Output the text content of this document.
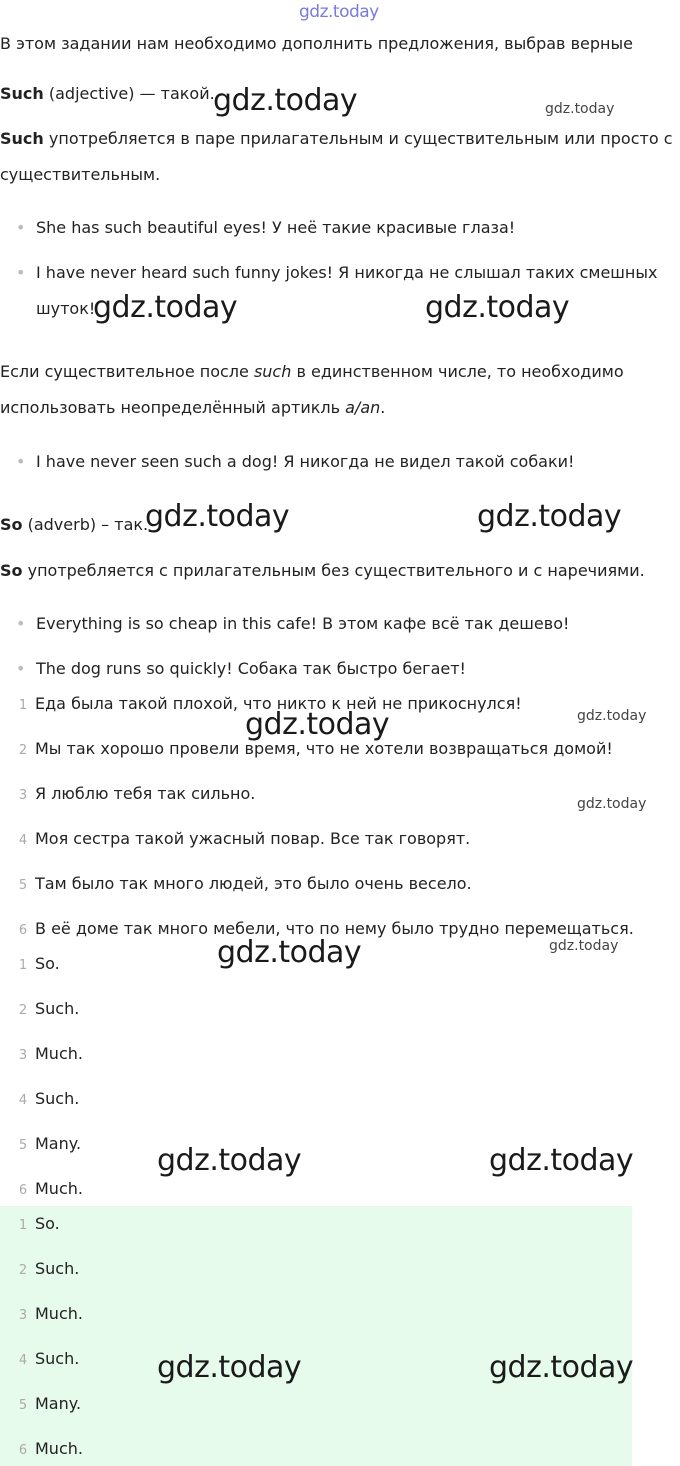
gdz.today
В этом задании нам необходимо дополнить предложения, выбрав верные
Such (adjective) — такой.
Such употребляется в паре прилагательным и существительным или просто с
существительным.
• She has such beautiful eyes! У неё такие красивые глаза!
• I have never heard such funny jokes! Я никогда не слышал таких смешных
шуток!
Если существительное после such в единственном числе, то необходимо
использовать неопределённый артикль a/an.
• I have never seen such a dog! Я никогда не видел такой собаки!
So (adverb) – так.
So употребляется с прилагательным без существительного и с наречиями.
• Everything is so cheap in this cafe! В этом кафе всё так дешево!
• The dog runs so quickly! Собака так быстро бегает!
1 Еда была такой плохой, что никто к ней не прикоснулся!
2 Мы так хорошо провели время, что не хотели возвращаться домой!
3 Я люблю тебя так сильно.
4 Моя сестра такой ужасный повар. Все так говорят.
5 Там было так много людей, это было очень весело.
6 В её доме так много мебели, что по нему было трудно перемещаться.
1 So.
2 Such.
3 Much.
4 Such.
5 Many.
6 Much.
1 So.
2 Such.
3 Much.
4 Such.
5 Many.
6 Much.
gdz.today	gdz.today
gdz.today	gdz.today
gdz.today	gdz.today
gdz.today	gdz.today
gdz.today
gdz.today	gdz.today
gdz.today	gdz.today
gdz.today	gdz.today
